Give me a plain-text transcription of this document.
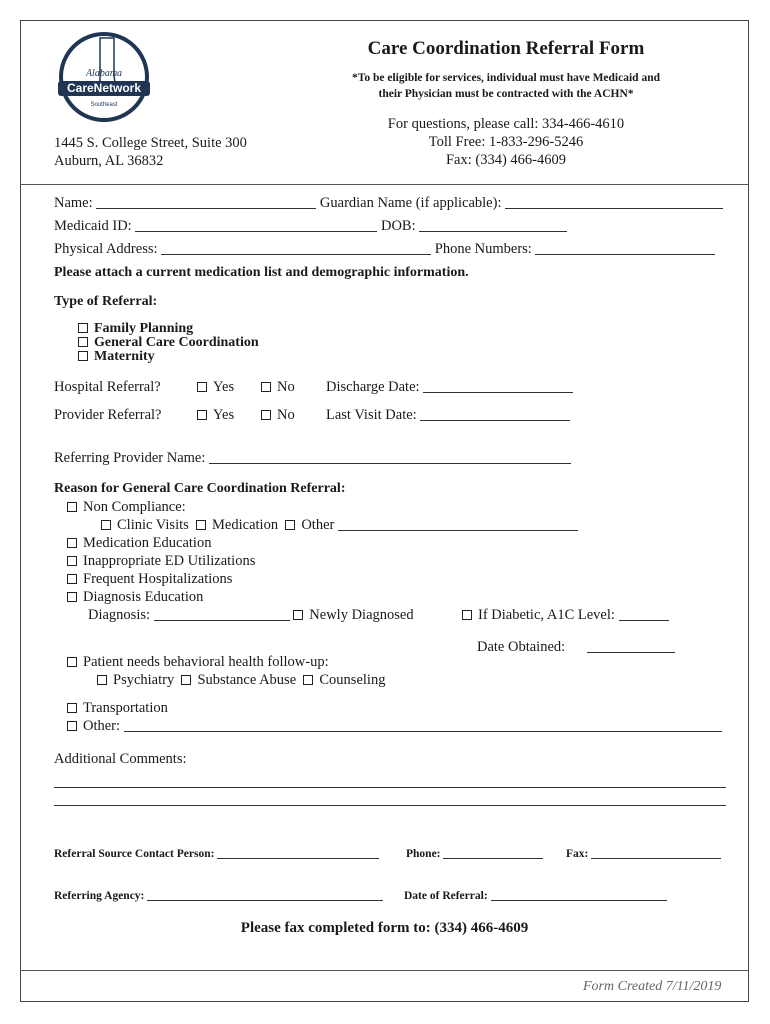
Alabama
CareNetwork
Southeast
Care Coordination Referral Form
*To be eligible for services, individual must have Medicaid and
their Physician must be contracted with the ACHN*
For questions, please call: 334-466-4610
Toll Free: 1-833-296-5246
Fax: (334) 466-4609
1445 S. College Street, Suite 300
Auburn, AL 36832
Name:	Guardian Name (if applicable):
Medicaid ID:	DOB:
Physical Address:	Phone Numbers:
Please attach a current medication list and demographic information.
Type of Referral:
Family Planning
General Care Coordination
Maternity
Hospital Referral?	Yes	No Discharge Date:
Provider Referral?	Yes	No Last Visit Date:
Referring Provider Name:
Reason for General Care Coordination Referral:
Non Compliance:
Clinic Visits Medication Other
Medication Education
Inappropriate ED Utilizations
Frequent Hospitalizations
Diagnosis Education
Diagnosis:	Newly Diagnosed	If Diabetic, A1C Level:
Date Obtained:
Patient needs behavioral health follow-up:
Psychiatry Substance Abuse Counseling
Transportation
Other:
Additional Comments:
Referral Source Contact Person:	Phone:	Fax:
Referring Agency:	Date of Referral:
Please fax completed form to: (334) 466-4609
Form Created 7/11/2019
